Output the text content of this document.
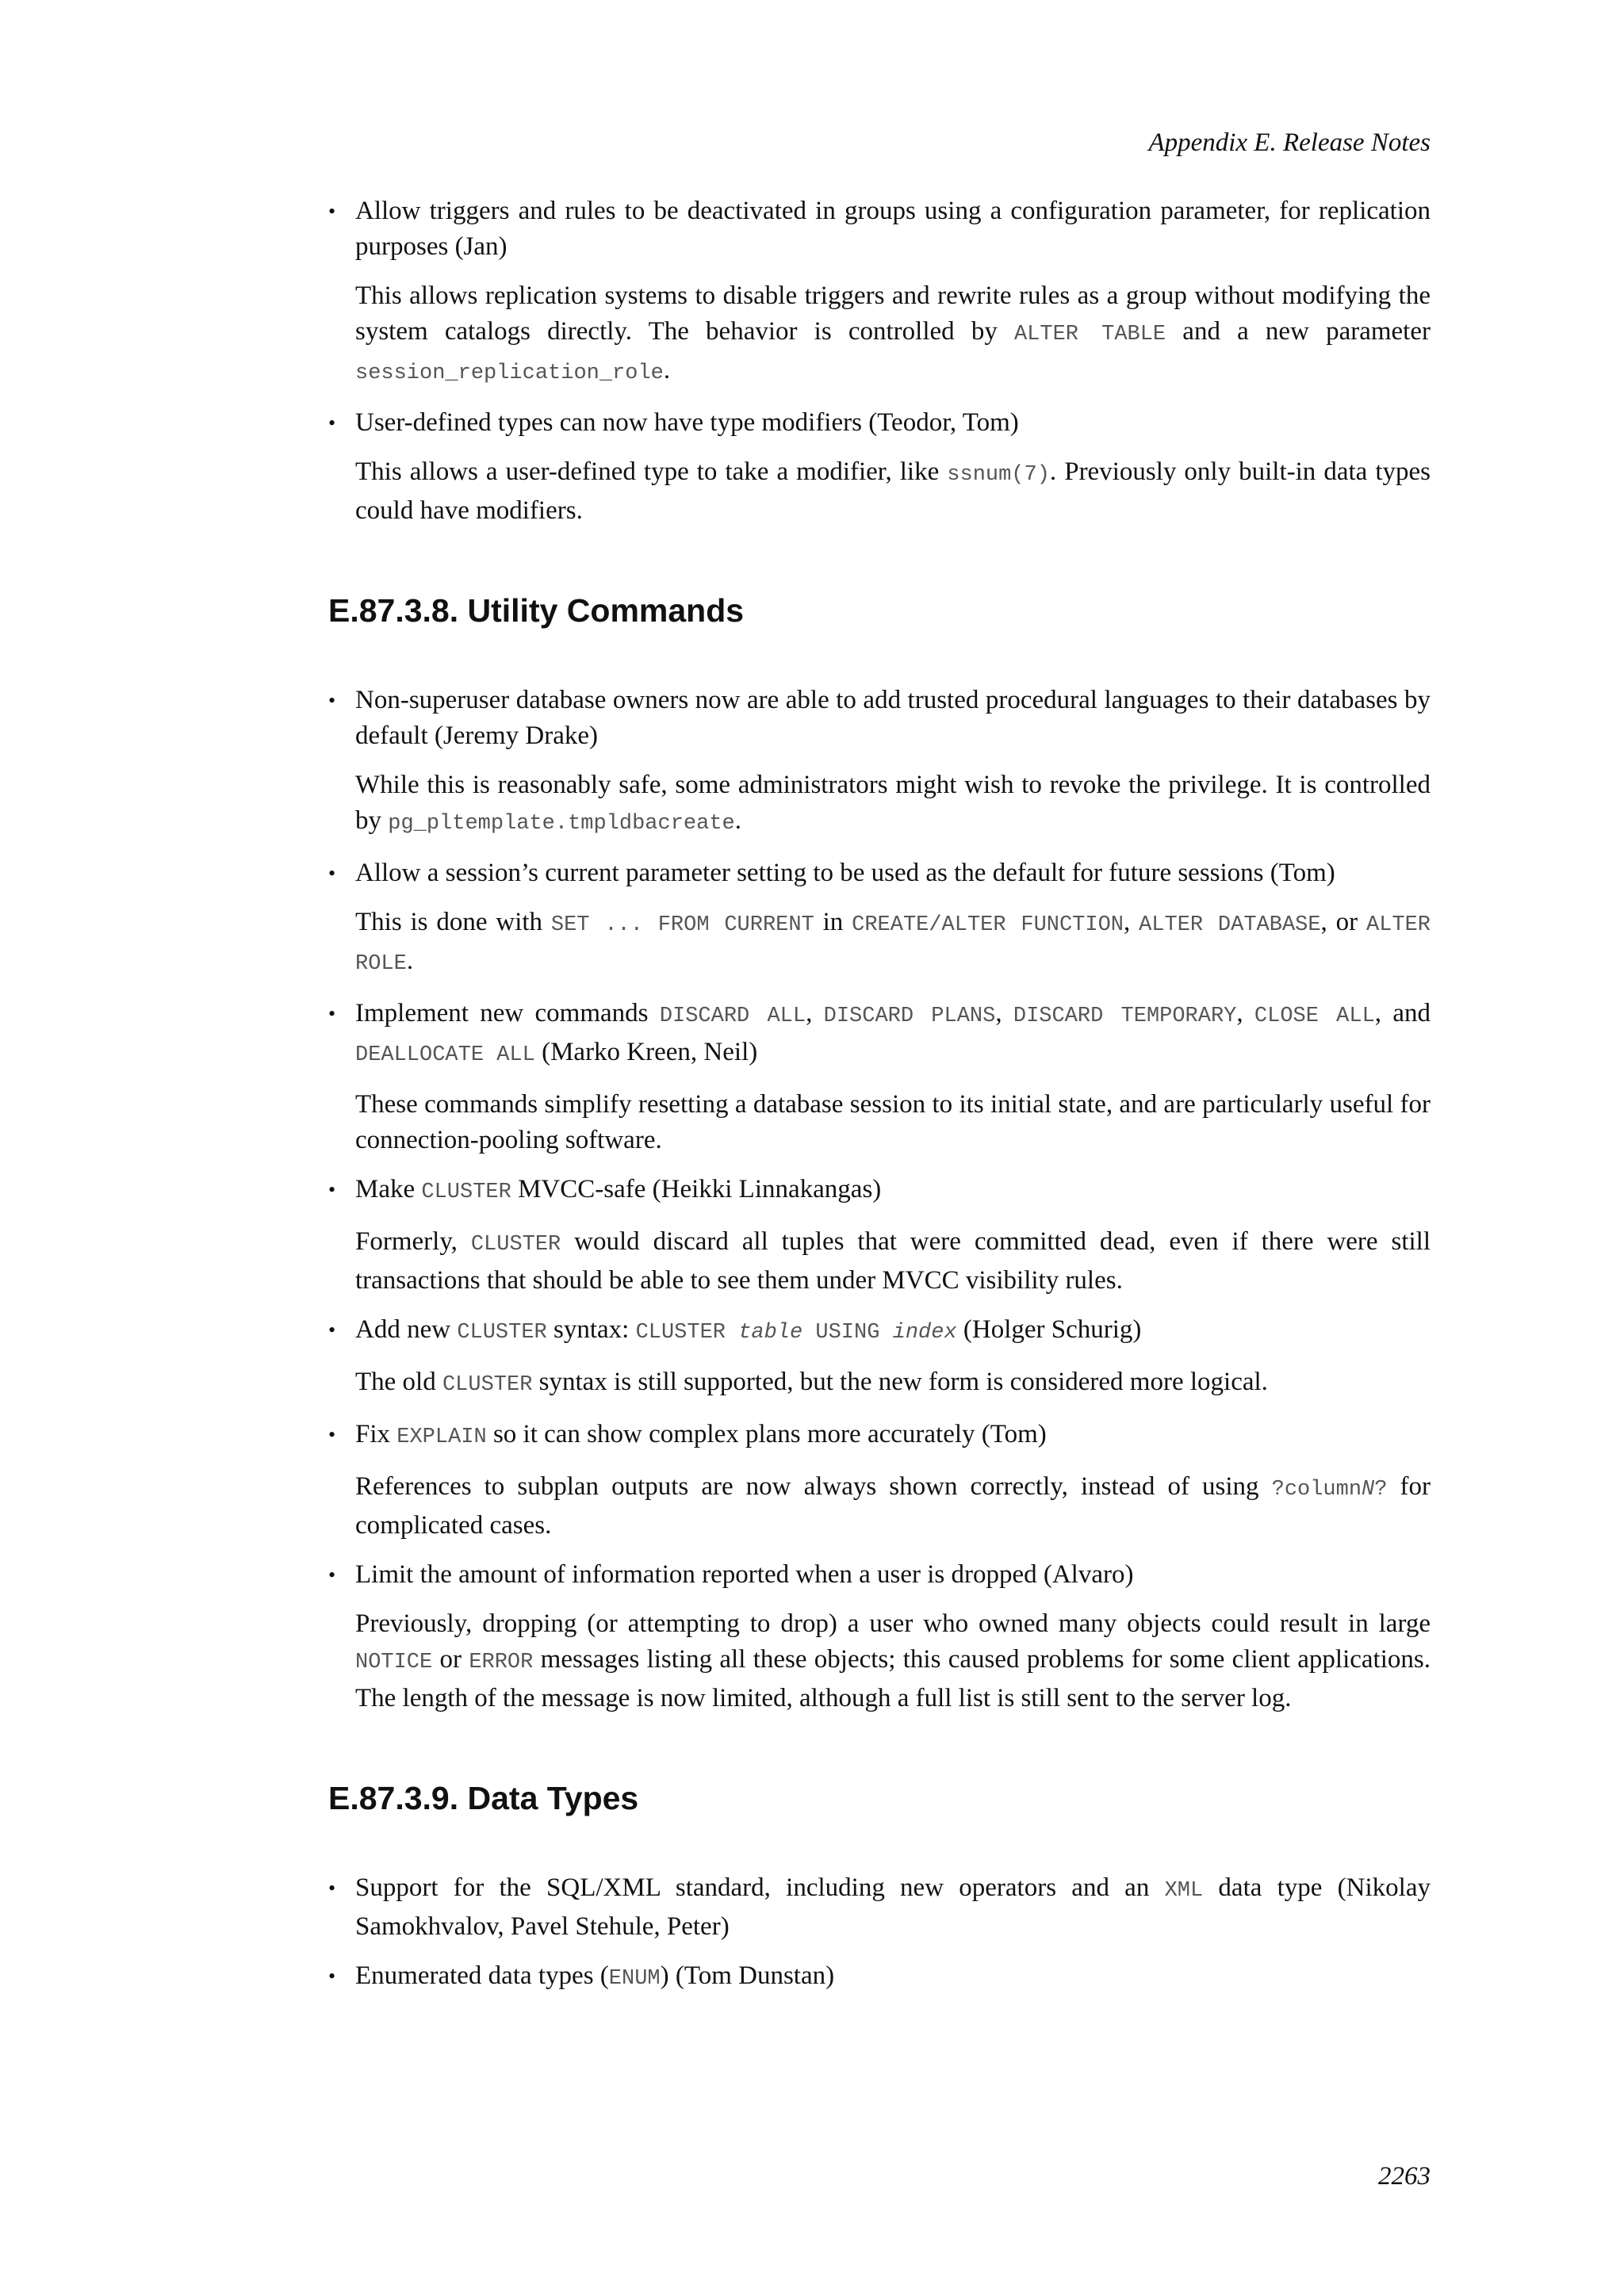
Appendix E. Release Notes
• Allow triggers and rules to be deactivated in groups using a configuration parameter, for replication purposes (Jan)

This allows replication systems to disable triggers and rewrite rules as a group without modifying the system catalogs directly. The behavior is controlled by ALTER TABLE and a new parameter session_replication_role.

• User-defined types can now have type modifiers (Teodor, Tom)

This allows a user-defined type to take a modifier, like ssnum(7). Previously only built-in data types could have modifiers.

E.87.3.8. Utility Commands
• Non-superuser database owners now are able to add trusted procedural languages to their databases by default (Jeremy Drake)

While this is reasonably safe, some administrators might wish to revoke the privilege. It is controlled by pg_pltemplate.tmpldbacreate.

• Allow a session’s current parameter setting to be used as the default for future sessions (Tom)

This is done with SET ... FROM CURRENT in CREATE/ALTER FUNCTION, ALTER DATABASE, or ALTER ROLE.

• Implement new commands DISCARD ALL, DISCARD PLANS, DISCARD TEMPORARY, CLOSE ALL, and DEALLOCATE ALL (Marko Kreen, Neil)

These commands simplify resetting a database session to its initial state, and are particularly useful for connection-pooling software.

• Make CLUSTER MVCC-safe (Heikki Linnakangas)

Formerly, CLUSTER would discard all tuples that were committed dead, even if there were still transactions that should be able to see them under MVCC visibility rules.

• Add new CLUSTER syntax: CLUSTER table USING index (Holger Schurig)

The old CLUSTER syntax is still supported, but the new form is considered more logical.

• Fix EXPLAIN so it can show complex plans more accurately (Tom)

References to subplan outputs are now always shown correctly, instead of using ?columnN? for complicated cases.

• Limit the amount of information reported when a user is dropped (Alvaro)

Previously, dropping (or attempting to drop) a user who owned many objects could result in large NOTICE or ERROR messages listing all these objects; this caused problems for some client applications. The length of the message is now limited, although a full list is still sent to the server log.

E.87.3.9. Data Types
• Support for the SQL/XML standard, including new operators and an XML data type (Nikolay Samokhvalov, Pavel Stehule, Peter)

• Enumerated data types (ENUM) (Tom Dunstan)

2263
